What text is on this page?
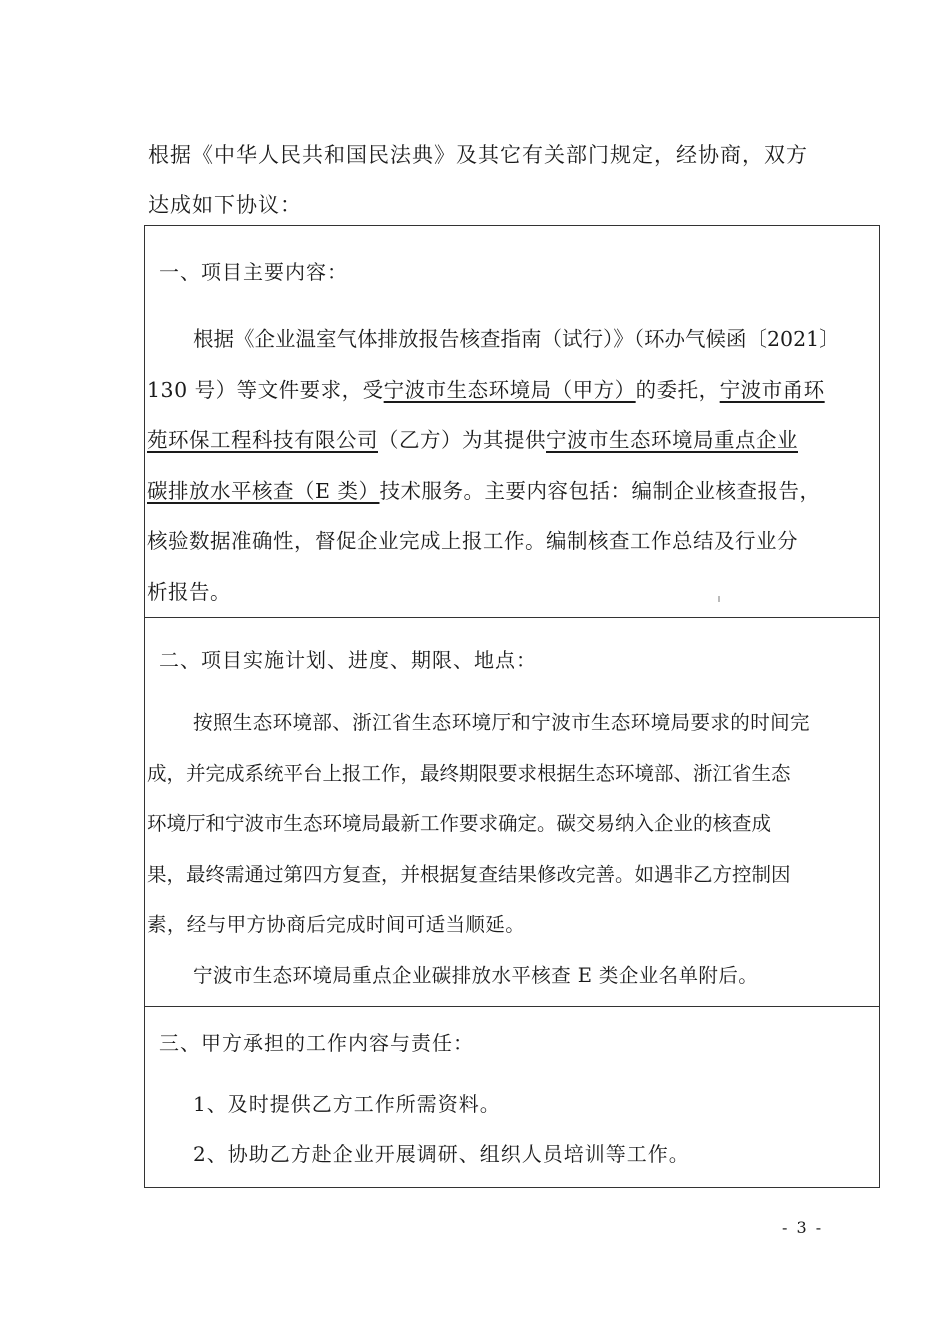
根据《中华人民共和国民法典》及其它有关部门规定，经协商，双方

达成如下协议：

一、项目主要内容：

根据《企业温室气体排放报告核查指南（试行）》（环办气候函〔2021〕
130 号）等文件要求，受宁波市生态环境局（甲方）的委托，宁波市甬环
苑环保工程科技有限公司（乙方）为其提供宁波市生态环境局重点企业
碳排放水平核查（E 类）技术服务。主要内容包括：编制企业核查报告，
核验数据准确性，督促企业完成上报工作。编制核查工作总结及行业分
析报告。

二、项目实施计划、进度、期限、地点：

按照生态环境部、浙江省生态环境厅和宁波市生态环境局要求的时间完
成，并完成系统平台上报工作，最终期限要求根据生态环境部、浙江省生态
环境厅和宁波市生态环境局最新工作要求确定。碳交易纳入企业的核查成
果，最终需通过第四方复查，并根据复查结果修改完善。如遇非乙方控制因
素，经与甲方协商后完成时间可适当顺延。
宁波市生态环境局重点企业碳排放水平核查 E 类企业名单附后。

三、甲方承担的工作内容与责任：

1、及时提供乙方工作所需资料。

2、协助乙方赴企业开展调研、组织人员培训等工作。

- 3 -
